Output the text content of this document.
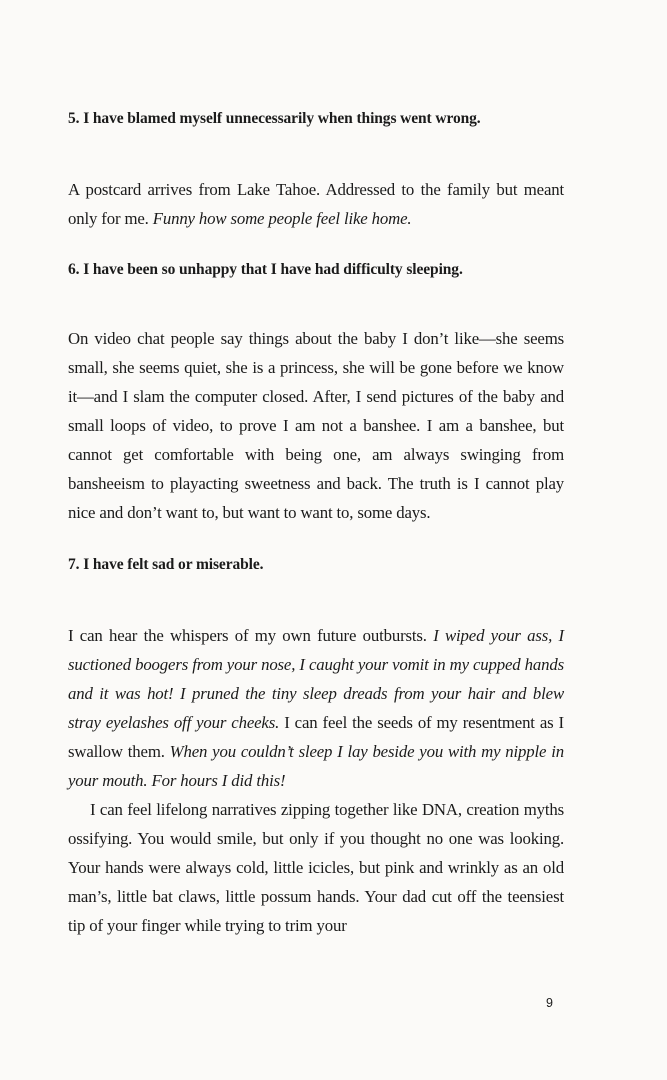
5. I have blamed myself unnecessarily when things went wrong.

A postcard arrives from Lake Tahoe. Addressed to the family but meant only for me. Funny how some people feel like home.

6. I have been so unhappy that I have had difficulty sleeping.

On video chat people say things about the baby I don’t like—she seems small, she seems quiet, she is a princess, she will be gone before we know it—and I slam the computer closed. After, I send pictures of the baby and small loops of video, to prove I am not a banshee. I am a banshee, but cannot get comfortable with being one, am always swinging from bansheeism to playacting sweetness and back. The truth is I cannot play nice and don’t want to, but want to want to, some days.

7. I have felt sad or miserable.

I can hear the whispers of my own future outbursts. I wiped your ass, I suctioned boogers from your nose, I caught your vomit in my cupped hands and it was hot! I pruned the tiny sleep dreads from your hair and blew stray eyelashes off your cheeks. I can feel the seeds of my resentment as I swallow them. When you couldn’t sleep I lay beside you with my nipple in your mouth. For hours I did this!

I can feel lifelong narratives zipping together like DNA, creation myths ossifying. You would smile, but only if you thought no one was looking. Your hands were always cold, little icicles, but pink and wrinkly as an old man’s, little bat claws, little possum hands. Your dad cut off the teensiest tip of your finger while trying to trim your

9
